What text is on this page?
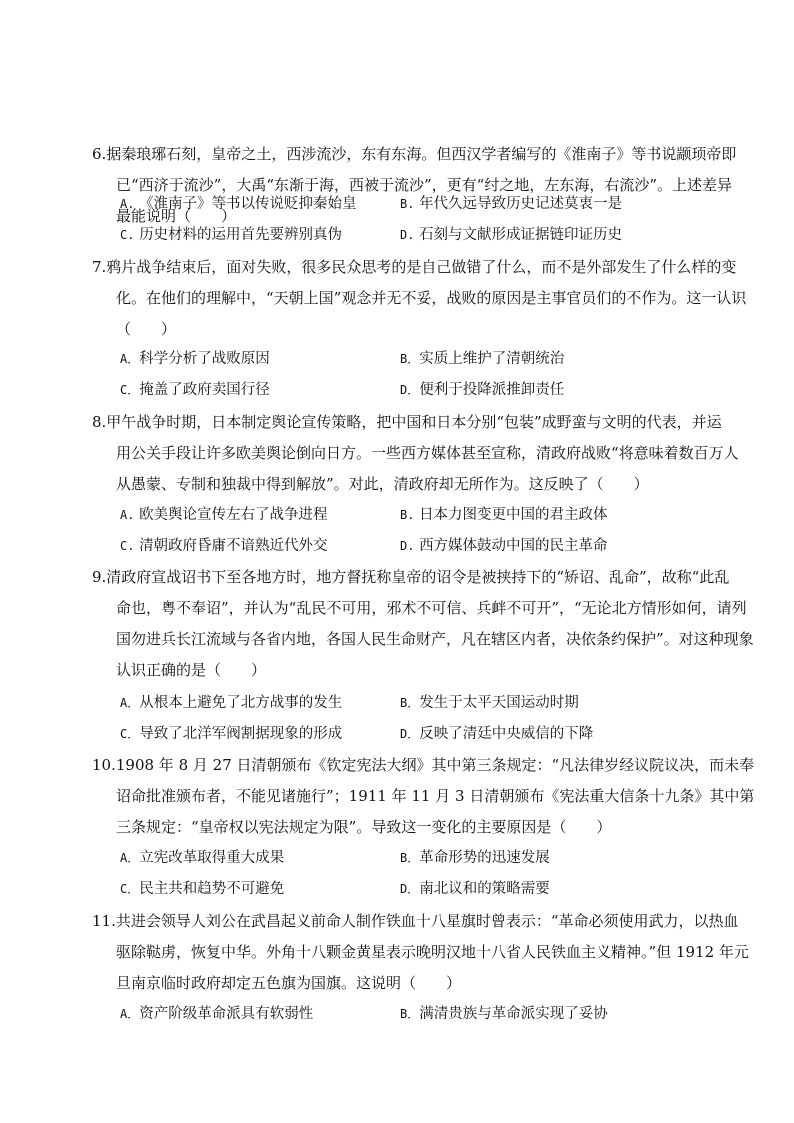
6.据秦琅琊石刻，皇帝之土，西涉流沙，东有东海。但西汉学者编写的《淮南子》等书说颛顼帝即
已“西济于流沙”，大禹“东渐于海，西被于流沙”，更有“纣之地，左东海，右流沙”。上述差异
最能说明（　　）
A. 《淮南子》等书以传说贬抑秦始皇	B. 年代久远导致历史记述莫衷一是
C. 历史材料的运用首先要辨别真伪	D. 石刻与文献形成证据链印证历史
7.鸦片战争结束后，面对失败，很多民众思考的是自己做错了什么，而不是外部发生了什么样的变
化。在他们的理解中，“天朝上国”观念并无不妥，战败的原因是主事官员们的不作为。这一认识
（　　）
A．科学分析了战败原因	B．实质上维护了清朝统治
C．掩盖了政府卖国行径	D．便利于投降派推卸责任
8.甲午战争时期，日本制定舆论宣传策略，把中国和日本分别“包装”成野蛮与文明的代表，并运
用公关手段让许多欧美舆论倒向日方。一些西方媒体甚至宣称，清政府战败“将意味着数百万人
从愚蒙、专制和独裁中得到解放”。对此，清政府却无所作为。这反映了（　　）
A. 欧美舆论宣传左右了战争进程	B. 日本力图变更中国的君主政体
C. 清朝政府昏庸不谙熟近代外交	D. 西方媒体鼓动中国的民主革命
9.清政府宣战诏书下至各地方时，地方督抚称皇帝的诏令是被挟持下的“矫诏、乱命”，故称“此乱
命也，粤不奉诏”，并认为“乱民不可用，邪术不可信、兵衅不可开”，“无论北方情形如何，请列
国勿进兵长江流域与各省内地，各国人民生命财产，凡在辖区内者，决依条约保护”。对这种现象
认识正确的是（　　）
A．从根本上避免了北方战事的发生	B．发生于太平天国运动时期
C．导致了北洋军阀割据现象的形成	D．反映了清廷中央威信的下降
10.1908 年 8 月 27 日清朝颁布《钦定宪法大纲》其中第三条规定：“凡法律岁经议院议决，而未奉
诏命批准颁布者，不能见诸施行”；1911 年 11 月 3 日清朝颁布《宪法重大信条十九条》其中第
三条规定：“皇帝权以宪法规定为限”。导致这一变化的主要原因是（　　）
A．立宪改革取得重大成果	B．革命形势的迅速发展
C．民主共和趋势不可避免	D．南北议和的策略需要
11.共进会领导人刘公在武昌起义前命人制作铁血十八星旗时曾表示：“革命必须使用武力，以热血
驱除鞑虏，恢复中华。外角十八颗金黄星表示晚明汉地十八省人民铁血主义精神。”但 1912 年元
旦南京临时政府却定五色旗为国旗。这说明（　　）
A．资产阶级革命派具有软弱性	B．满清贵族与革命派实现了妥协
